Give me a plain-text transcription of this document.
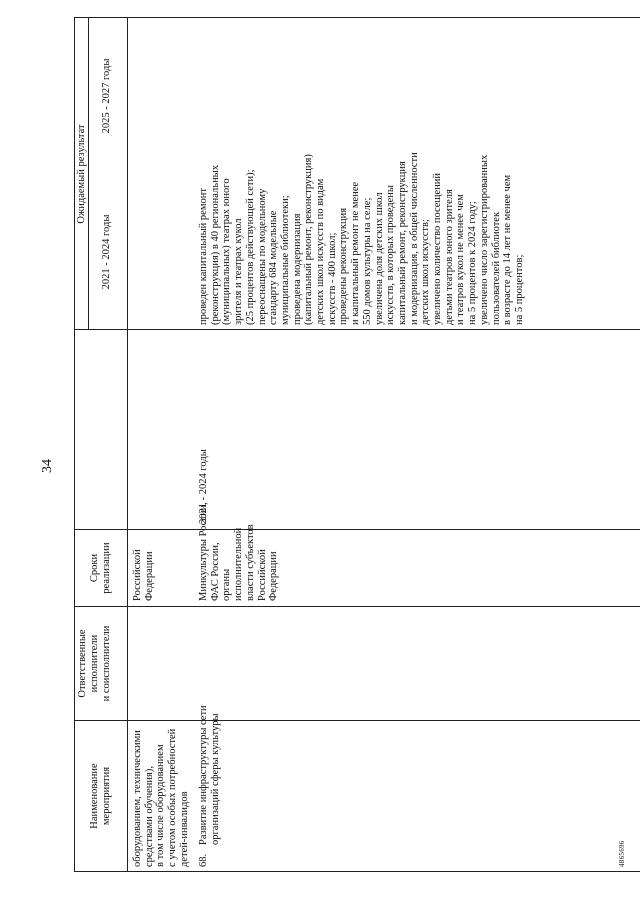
34
Наименование
мероприятия
Ответственные
исполнители
и соисполнители
Сроки
реализации
Ожидаемый результат
2021 - 2024 годы
2025 - 2027 годы
оборудованием, техническими
средствами обучения),
в том числе оборудованием
с учетом особых потребностей
детей-инвалидов
Российской
Федерации
68.
Развитие инфраструктуры сети
организаций сферы культуры
Минкультуры России,
ФАС России,
органы
исполнительной
власти субъектов
Российской
Федерации
2021 - 2024 годы
проведен капитальный ремонт
(реконструкция) в 40 региональных
(муниципальных) театрах юного
зрителя и театрах кукол
(25 процентов действующей сети);
переоснащены по модельному
стандарту 684 модельные
муниципальные библиотеки;
проведена модернизация
(капитальный ремонт, реконструкция)
детских школ искусств по видам
искусств - 400 школ;
проведены реконструкция
и капитальный ремонт не менее
550 домов культуры на селе;
увеличена доля детских школ
искусств, в которых проведены
капитальный ремонт, реконструкция
и модернизация, в общей численности
детских школ искусств;
увеличено количество посещений
детьми театров юного зрителя
и театров кукол не менее чем
на 5 процентов к 2024 году;
увеличено число зарегистрированных
пользователей библиотек
в возрасте до 14 лет не менее чем
на 5 процентов;
4865696
